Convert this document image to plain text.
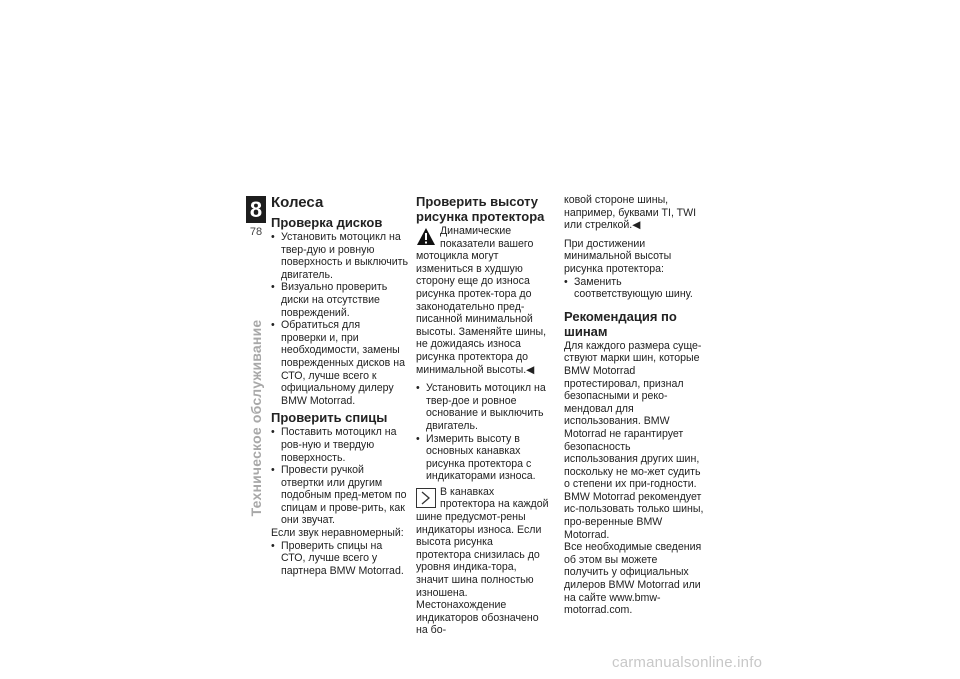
8
78
Техническое обслуживание
Колеса
Проверка дисков
• Установить мотоцикл на твер-дую и ровную поверхность и выключить двигатель.
• Визуально проверить диски на отсутствие повреждений.
• Обратиться для проверки и, при необходимости, замены поврежденных дисков на СТО, лучше всего к официальному дилеру BMW Motorrad.
Проверить спицы
• Поставить мотоцикл на ров-ную и твердую поверхность.
• Провести ручкой отвертки или другим подобным пред-метом по спицам и прове-рить, как они звучат.

Если звук неравномерный:

• Проверить спицы на СТО, лучше всего у партнера BMW Motorrad.
Проверить высоту рисунка протектора

Динамические показатели вашего мотоцикла могут измениться в худшую сторону еще до износа рисунка протек-тора до законодательно пред-писанной минимальной высоты. Заменяйте шины, не дожидаясь износа рисунка протектора до минимальной высоты.◀

• Установить мотоцикл на твер-дое и ровное основание и выключить двигатель.
• Измерить высоту в основных канавках рисунка протектора с индикаторами износа.

В канавках протектора на каждой шине предусмот-рены индикаторы износа. Если высота рисунка протектора снизилась до уровня индика-тора, значит шина полностью изношена. Местонахождение индикаторов обозначено на бо-

ковой стороне шины, например, буквами TI, TWI или стрелкой.◀

При достижении минимальной высоты рисунка протектора:

• Заменить соответствующую шину.
Рекомендация по шинам

Для каждого размера суще-ствуют марки шин, которые BMW Motorrad протестировал, признал безопасными и реко-мендовал для использования. BMW Motorrad не гарантирует безопасность использования других шин, поскольку не мо-жет судить о степени их при-годности.

BMW Motorrad рекомендует ис-пользовать только шины, про-веренные BMW Motorrad.

Все необходимые сведения об этом вы можете получить у официальных дилеров BMW Motorrad или на сайте www.bmw-motorrad.com.

carmanualsonline.info
